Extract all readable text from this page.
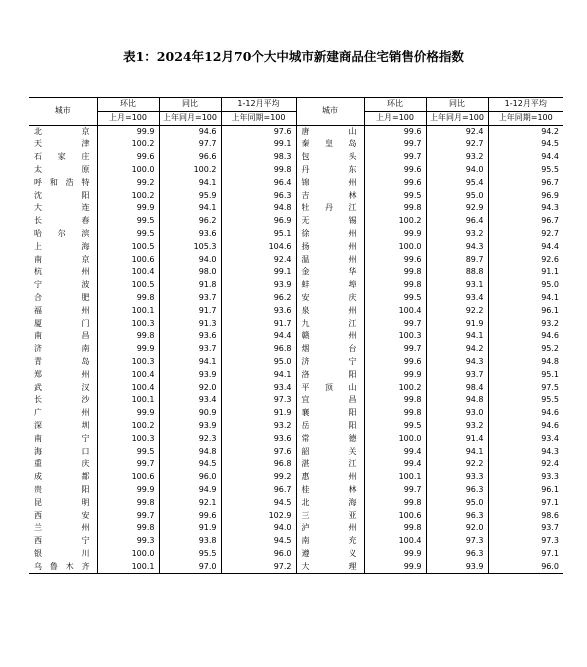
表1：2024年12月70个大中城市新建商品住宅销售价格指数
城市	环比	同比	1-12月平均	城市	环比	同比	1-12月平均
	上月=100	上年同月=100	上年同期=100		上月=100	上年同月=100	上年同期=100
北京	99.9	94.6	97.6	唐山	99.6	92.4	94.2
天津	100.2	97.7	99.1	秦皇岛	99.7	92.7	94.5
石家庄	99.6	96.6	98.3	包头	99.7	93.2	94.4
太原	100.0	100.2	99.8	丹东	99.6	94.0	95.5
呼和浩特	99.2	94.1	96.4	锦州	99.6	95.4	96.7
沈阳	100.2	95.9	96.3	吉林	99.5	95.0	96.9
大连	99.9	94.1	94.8	牡丹江	99.8	92.9	94.3
长春	99.5	96.2	96.9	无锡	100.2	96.4	96.7
哈尔滨	99.5	93.6	95.1	徐州	99.9	93.2	92.7
上海	100.5	105.3	104.6	扬州	100.0	94.3	94.4
南京	100.6	94.0	92.4	温州	99.6	89.7	92.6
杭州	100.4	98.0	99.1	金华	99.8	88.8	91.1
宁波	100.5	91.8	93.9	蚌埠	99.8	93.1	95.0
合肥	99.8	93.7	96.2	安庆	99.5	93.4	94.1
福州	100.1	91.7	93.6	泉州	100.4	92.2	96.1
厦门	100.3	91.3	91.7	九江	99.7	91.9	93.2
南昌	99.8	93.6	94.4	赣州	100.3	94.1	94.6
济南	99.9	93.7	96.8	烟台	99.7	94.2	95.2
青岛	100.3	94.1	95.0	济宁	99.6	94.3	94.8
郑州	100.4	93.9	94.1	洛阳	99.9	93.7	95.1
武汉	100.4	92.0	93.4	平顶山	100.2	98.4	97.5
长沙	100.1	93.4	97.3	宜昌	99.8	94.8	95.5
广州	99.9	90.9	91.9	襄阳	99.8	93.0	94.6
深圳	100.2	93.9	93.2	岳阳	99.5	93.2	94.6
南宁	100.3	92.3	93.6	常德	100.0	91.4	93.4
海口	99.5	94.8	97.6	韶关	99.4	94.1	94.3
重庆	99.7	94.5	96.8	湛江	99.4	92.2	92.4
成都	100.6	96.0	99.2	惠州	100.1	93.3	93.3
贵阳	99.9	94.9	96.7	桂林	99.7	96.3	96.1
昆明	99.8	92.1	94.5	北海	99.8	95.0	97.1
西安	99.7	99.6	102.9	三亚	100.6	96.3	98.6
兰州	99.8	91.9	94.0	泸州	99.8	92.0	93.7
西宁	99.3	93.8	94.5	南充	100.4	97.3	97.3
银川	100.0	95.5	96.0	遵义	99.9	96.3	97.1
乌鲁木齐	100.1	97.0	97.2	大理	99.9	93.9	96.0
